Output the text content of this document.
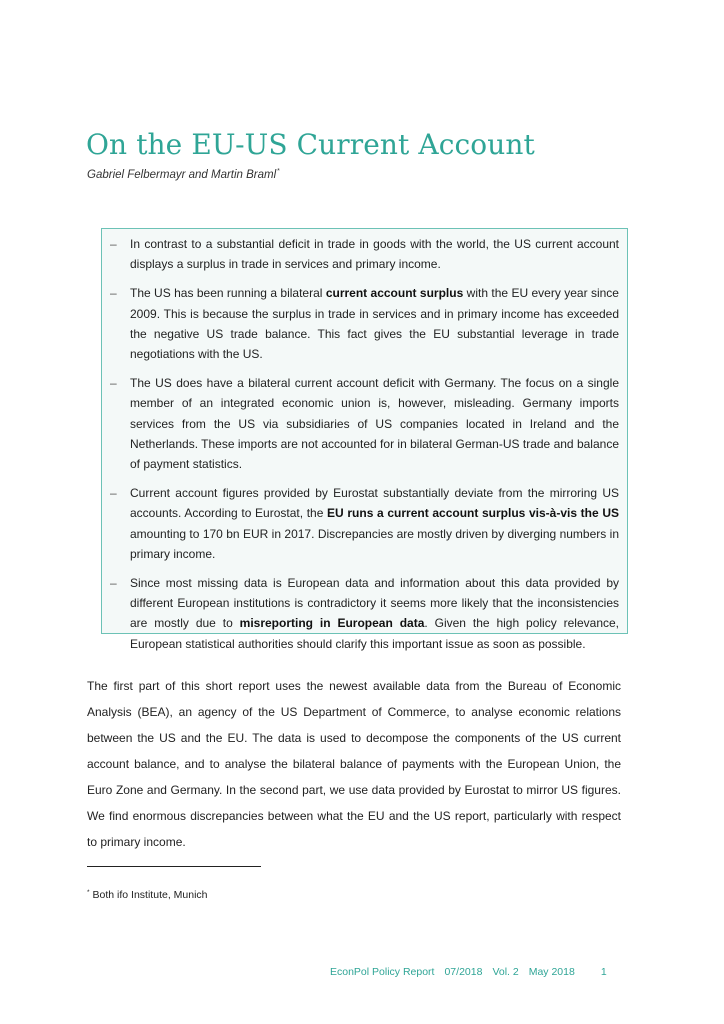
On the EU-US Current Account
Gabriel Felbermayr and Martin Braml*
– In contrast to a substantial deficit in trade in goods with the world, the US current account displays a surplus in trade in services and primary income.
– The US has been running a bilateral current account surplus with the EU every year since 2009. This is because the surplus in trade in services and in primary income has exceeded the negative US trade balance. This fact gives the EU substantial leverage in trade negotiations with the US.
– The US does have a bilateral current account deficit with Germany. The focus on a single member of an integrated economic union is, however, misleading. Germany imports services from the US via subsidiaries of US companies located in Ireland and the Netherlands. These imports are not accounted for in bilateral German-US trade and balance of payment statistics.
– Current account figures provided by Eurostat substantially deviate from the mirroring US accounts. According to Eurostat, the EU runs a current account surplus vis-à-vis the US amounting to 170 bn EUR in 2017. Discrepancies are mostly driven by diverging numbers in primary income.
– Since most missing data is European data and information about this data provided by different European institutions is contradictory it seems more likely that the inconsistencies are mostly due to misreporting in European data. Given the high policy relevance, European statistical authorities should clarify this important issue as soon as possible.

The first part of this short report uses the newest available data from the Bureau of Economic Analysis (BEA), an agency of the US Department of Commerce, to analyse economic relations between the US and the EU. The data is used to decompose the components of the US current account balance, and to analyse the bilateral balance of payments with the European Union, the Euro Zone and Germany. In the second part, we use data provided by Eurostat to mirror US figures. We find enormous discrepancies between what the EU and the US report, particularly with respect to primary income.

* Both ifo Institute, Munich
EconPol Policy Report 07/2018 Vol. 2 May 2018 1
